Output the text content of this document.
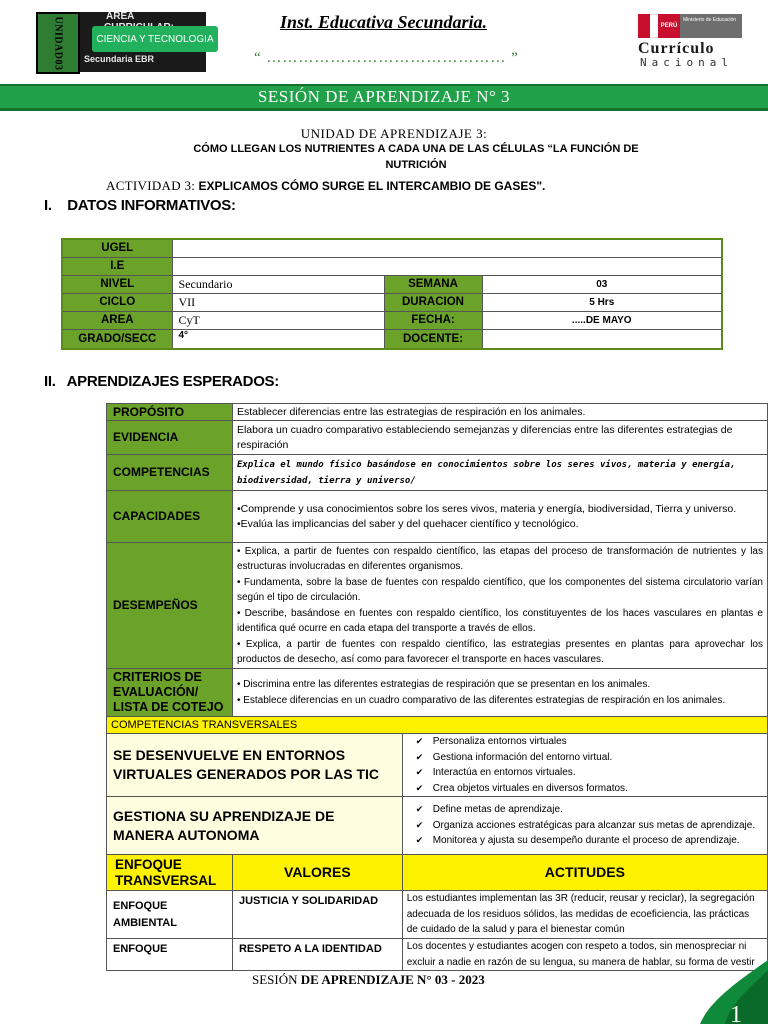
UNIDAD03	ÁREA
CIENCIA Y TECNOLOGIA
Secundaria EBR
Inst. Educativa Secundaria.
“ ……………………………………… ”
PERÚ
Ministerio de Educación
Currículo
Nacional
SESIÓN DE APRENDIZAJE N° 3
UNIDAD DE APRENDIZAJE 3:
CÓMO LLEGAN LOS NUTRIENTES A CADA UNA DE LAS CÉLULAS “LA FUNCIÓN DE NUTRICIÓN
ACTIVIDAD 3: EXPLICAMOS CÓMO SURGE EL INTERCAMBIO DE GASES".
I.    DATOS INFORMATIVOS:
UGEL			
I.E			
NIVEL	Secundario	SEMANA	03
CICLO	VII	DURACION	5 Hrs
AREA	CyT	FECHA:	.....DE MAYO
GRADO/SECC	4°	DOCENTE:	
II.   APRENDIZAJES ESPERADOS:
PROPÓSITO	Establecer diferencias entre las estrategias de respiración en los animales.	
EVIDENCIA	Elabora un cuadro comparativo estableciendo semejanzas y diferencias entre las diferentes estrategias de respiración	
COMPETENCIAS	Explica el mundo físico basándose en conocimientos sobre los seres vivos, materia y energía, biodiversidad, tierra y universo/	
CAPACIDADES	•Comprende y usa conocimientos sobre los seres vivos, materia y energía, biodiversidad, Tierra y universo.
•Evalúa las implicancias del saber y del quehacer científico y tecnológico.	

DESEMPEÑOS	• Explica, a partir de fuentes con respaldo científico, las etapas del proceso de transformación de nutrientes y las estructuras involucradas en diferentes organismos.
• Fundamenta, sobre la base de fuentes con respaldo científico, que los componentes del sistema circulatorio varían según el tipo de circulación.
• Describe, basándose en fuentes con respaldo científico, los constituyentes de los haces vasculares en plantas e identifica qué ocurre en cada etapa del transporte a través de ellos.
• Explica, a partir de fuentes con respaldo científico, las estrategias presentes en plantas para aprovechar los productos de desecho, así como para favorecer el transporte en haces vasculares.	

CRITERIOS DE EVALUACIÓN/ LISTA DE COTEJO	• Discrimina entre las diferentes estrategias de respiración que se presentan en los animales.
• Establece diferencias en un cuadro comparativo de las diferentes estrategias de respiración en los animales.	

COMPETENCIAS TRANSVERSALES		
SE DESENVUELVE EN ENTORNOS VIRTUALES GENERADOS POR LAS TIC		✔ Personaliza entornos virtuales
✔ Gestiona información del entorno virtual.
✔ Interactúa en entornos virtuales.
✔ Crea objetos virtuales en diversos formatos.

GESTIONA SU APRENDIZAJE DE MANERA AUTONOMA		✔ Define metas de aprendizaje.
✔ Organiza acciones estratégicas para alcanzar sus metas de aprendizaje.
✔ Monitorea y ajusta su desempeño durante el proceso de aprendizaje.

ENFOQUE TRANSVERSAL	VALORES	ACTITUDES
ENFOQUE AMBIENTAL	JUSTICIA Y SOLIDARIDAD	Los estudiantes implementan las 3R (reducir, reusar y reciclar), la segregación adecuada de los residuos sólidos, las medidas de ecoeficiencia, las prácticas de cuidado de la salud y para el bienestar común
ENFOQUE	RESPETO A LA IDENTIDAD	Los docentes y estudiantes acogen con respeto a todos, sin menospreciar ni excluir a nadie en razón de su lengua, su manera de hablar, su forma de vestir
SESIÓN DE APRENDIZAJE N° 03 - 2023
1
